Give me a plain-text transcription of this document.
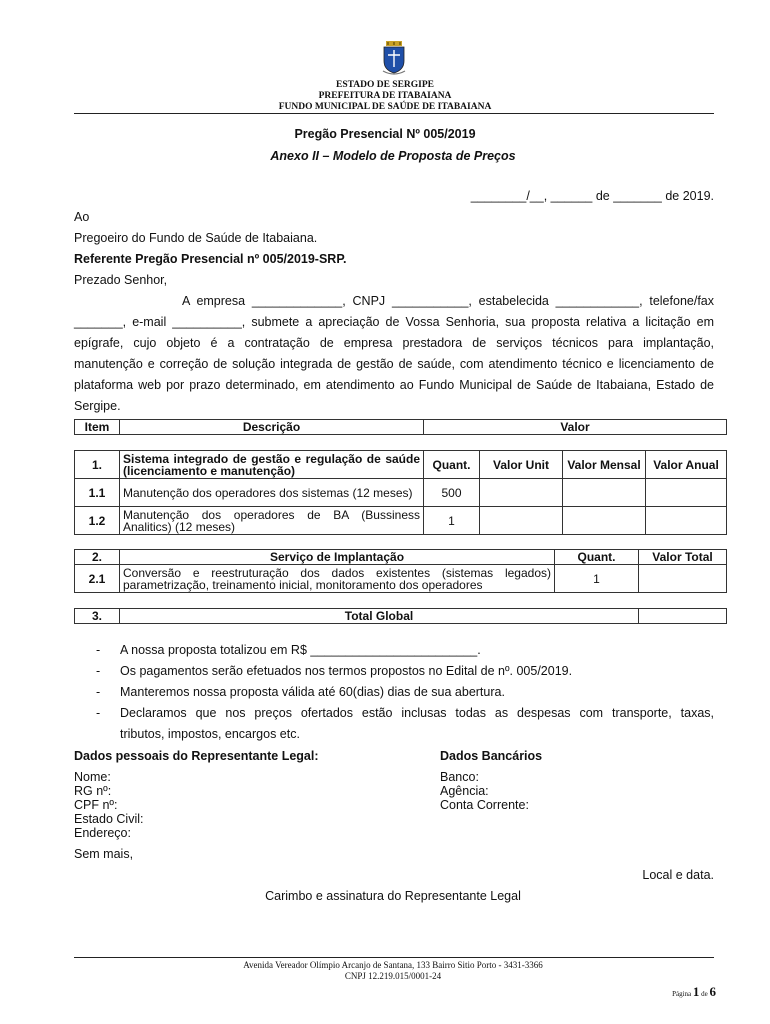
ESTADO DE SERGIPE
PREFEITURA DE ITABAIANA
FUNDO MUNICIPAL DE SAÚDE DE ITABAIANA
Pregão Presencial Nº 005/2019
Anexo II – Modelo de Proposta de Preços
________/__, ______ de _______ de 2019.
Ao
Pregoeiro do Fundo de Saúde de Itabaiana.
Referente Pregão Presencial nº 005/2019-SRP.
Prezado Senhor,
A empresa _____________, CNPJ ___________, estabelecida ____________, telefone/fax
_______, e-mail __________, submete a apreciação de Vossa Senhoria, sua proposta relativa a licitação em
epígrafe, cujo objeto é a contratação de empresa prestadora de serviços técnicos para implantação,
manutenção e correção de solução integrada de gestão de saúde, com atendimento técnico e licenciamento de
plataforma web por prazo determinado, em atendimento ao Fundo Municipal de Saúde de Itabaiana, Estado de
Sergipe.
Item	Descrição	Valor
1.	Sistema integrado de gestão e regulação de saúde (licenciamento e manutenção)	Quant.	Valor Unit	Valor Mensal	Valor Anual
1.1	Manutenção dos operadores dos sistemas (12 meses)	500			
1.2	Manutenção dos operadores de BA (Bussiness Analitics) (12 meses)	1			
2.	Serviço de Implantação	Quant.	Valor Total
2.1	Conversão e reestruturação dos dados existentes (sistemas legados) parametrização, treinamento inicial, monitoramento dos operadores	1	
3.	Total Global	
- A nossa proposta totalizou em R$ ________________________.
- Os pagamentos serão efetuados nos termos propostos no Edital de nº. 005/2019.
- Manteremos nossa proposta válida até 60(dias) dias de sua abertura.
- Declaramos que nos preços ofertados estão inclusas todas as despesas com transporte, taxas,
tributos, impostos, encargos etc.
Dados pessoais do Representante Legal:	Dados Bancários
Nome:
RG nº:
CPF nº:
Estado Civil:
Endereço:
Banco:
Agência:
Conta Corrente:
Sem mais,
Local e data.
Carimbo e assinatura do Representante Legal
Avenida Vereador Olímpio Arcanjo de Santana, 133 Bairro Sitio Porto - 3431-3366
CNPJ 12.219.015/0001-24
Página 1 de 6
